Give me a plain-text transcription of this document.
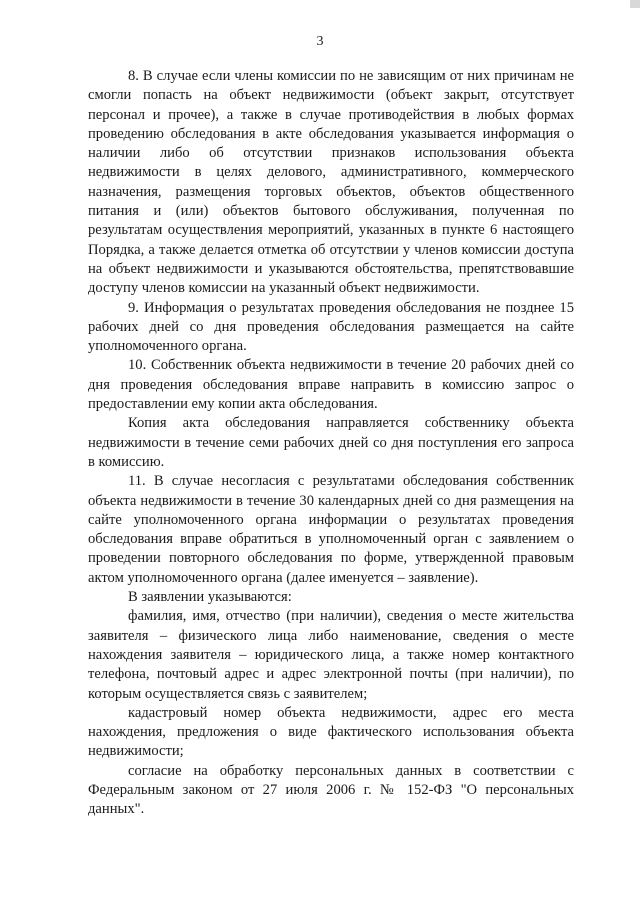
3

8. В случае если члены комиссии по не зависящим от них причинам не смогли попасть на объект недвижимости (объект закрыт, отсутствует персонал и прочее), а также в случае противодействия в любых формах проведению обследования в акте обследования указывается информация о наличии либо об отсутствии признаков использования объекта недвижимости в целях делового, административного, коммерческого назначения, размещения торговых объектов, объектов общественного питания и (или) объектов бытового обслуживания, полученная по результатам осуществления мероприятий, указанных в пункте 6 настоящего Порядка, а также делается отметка об отсутствии у членов комиссии доступа на объект недвижимости и указываются обстоятельства, препятствовавшие доступу членов комиссии на указанный объект недвижимости.

9. Информация о результатах проведения обследования не позднее 15 рабочих дней со дня проведения обследования размещается на сайте уполномоченного органа.

10. Собственник объекта недвижимости в течение 20 рабочих дней со дня проведения обследования вправе направить в комиссию запрос о предоставлении ему копии акта обследования.

Копия акта обследования направляется собственнику объекта недвижимости в течение семи рабочих дней со дня поступления его запроса в комиссию.

11. В случае несогласия с результатами обследования собственник объекта недвижимости в течение 30 календарных дней со дня размещения на сайте уполномоченного органа информации о результатах проведения обследования вправе обратиться в уполномоченный орган с заявлением о проведении повторного обследования по форме, утвержденной правовым актом уполномоченного органа (далее именуется – заявление).

В заявлении указываются:

фамилия, имя, отчество (при наличии), сведения о месте жительства заявителя – физического лица либо наименование, сведения о месте нахождения заявителя – юридического лица, а также номер контактного телефона, почтовый адрес и адрес электронной почты (при наличии), по которым осуществляется связь с заявителем;

кадастровый номер объекта недвижимости, адрес его места нахождения, предложения о виде фактического использования объекта недвижимости;

согласие на обработку персональных данных в соответствии с Федеральным законом от 27 июля 2006 г. № 152-ФЗ "О персональных данных".
